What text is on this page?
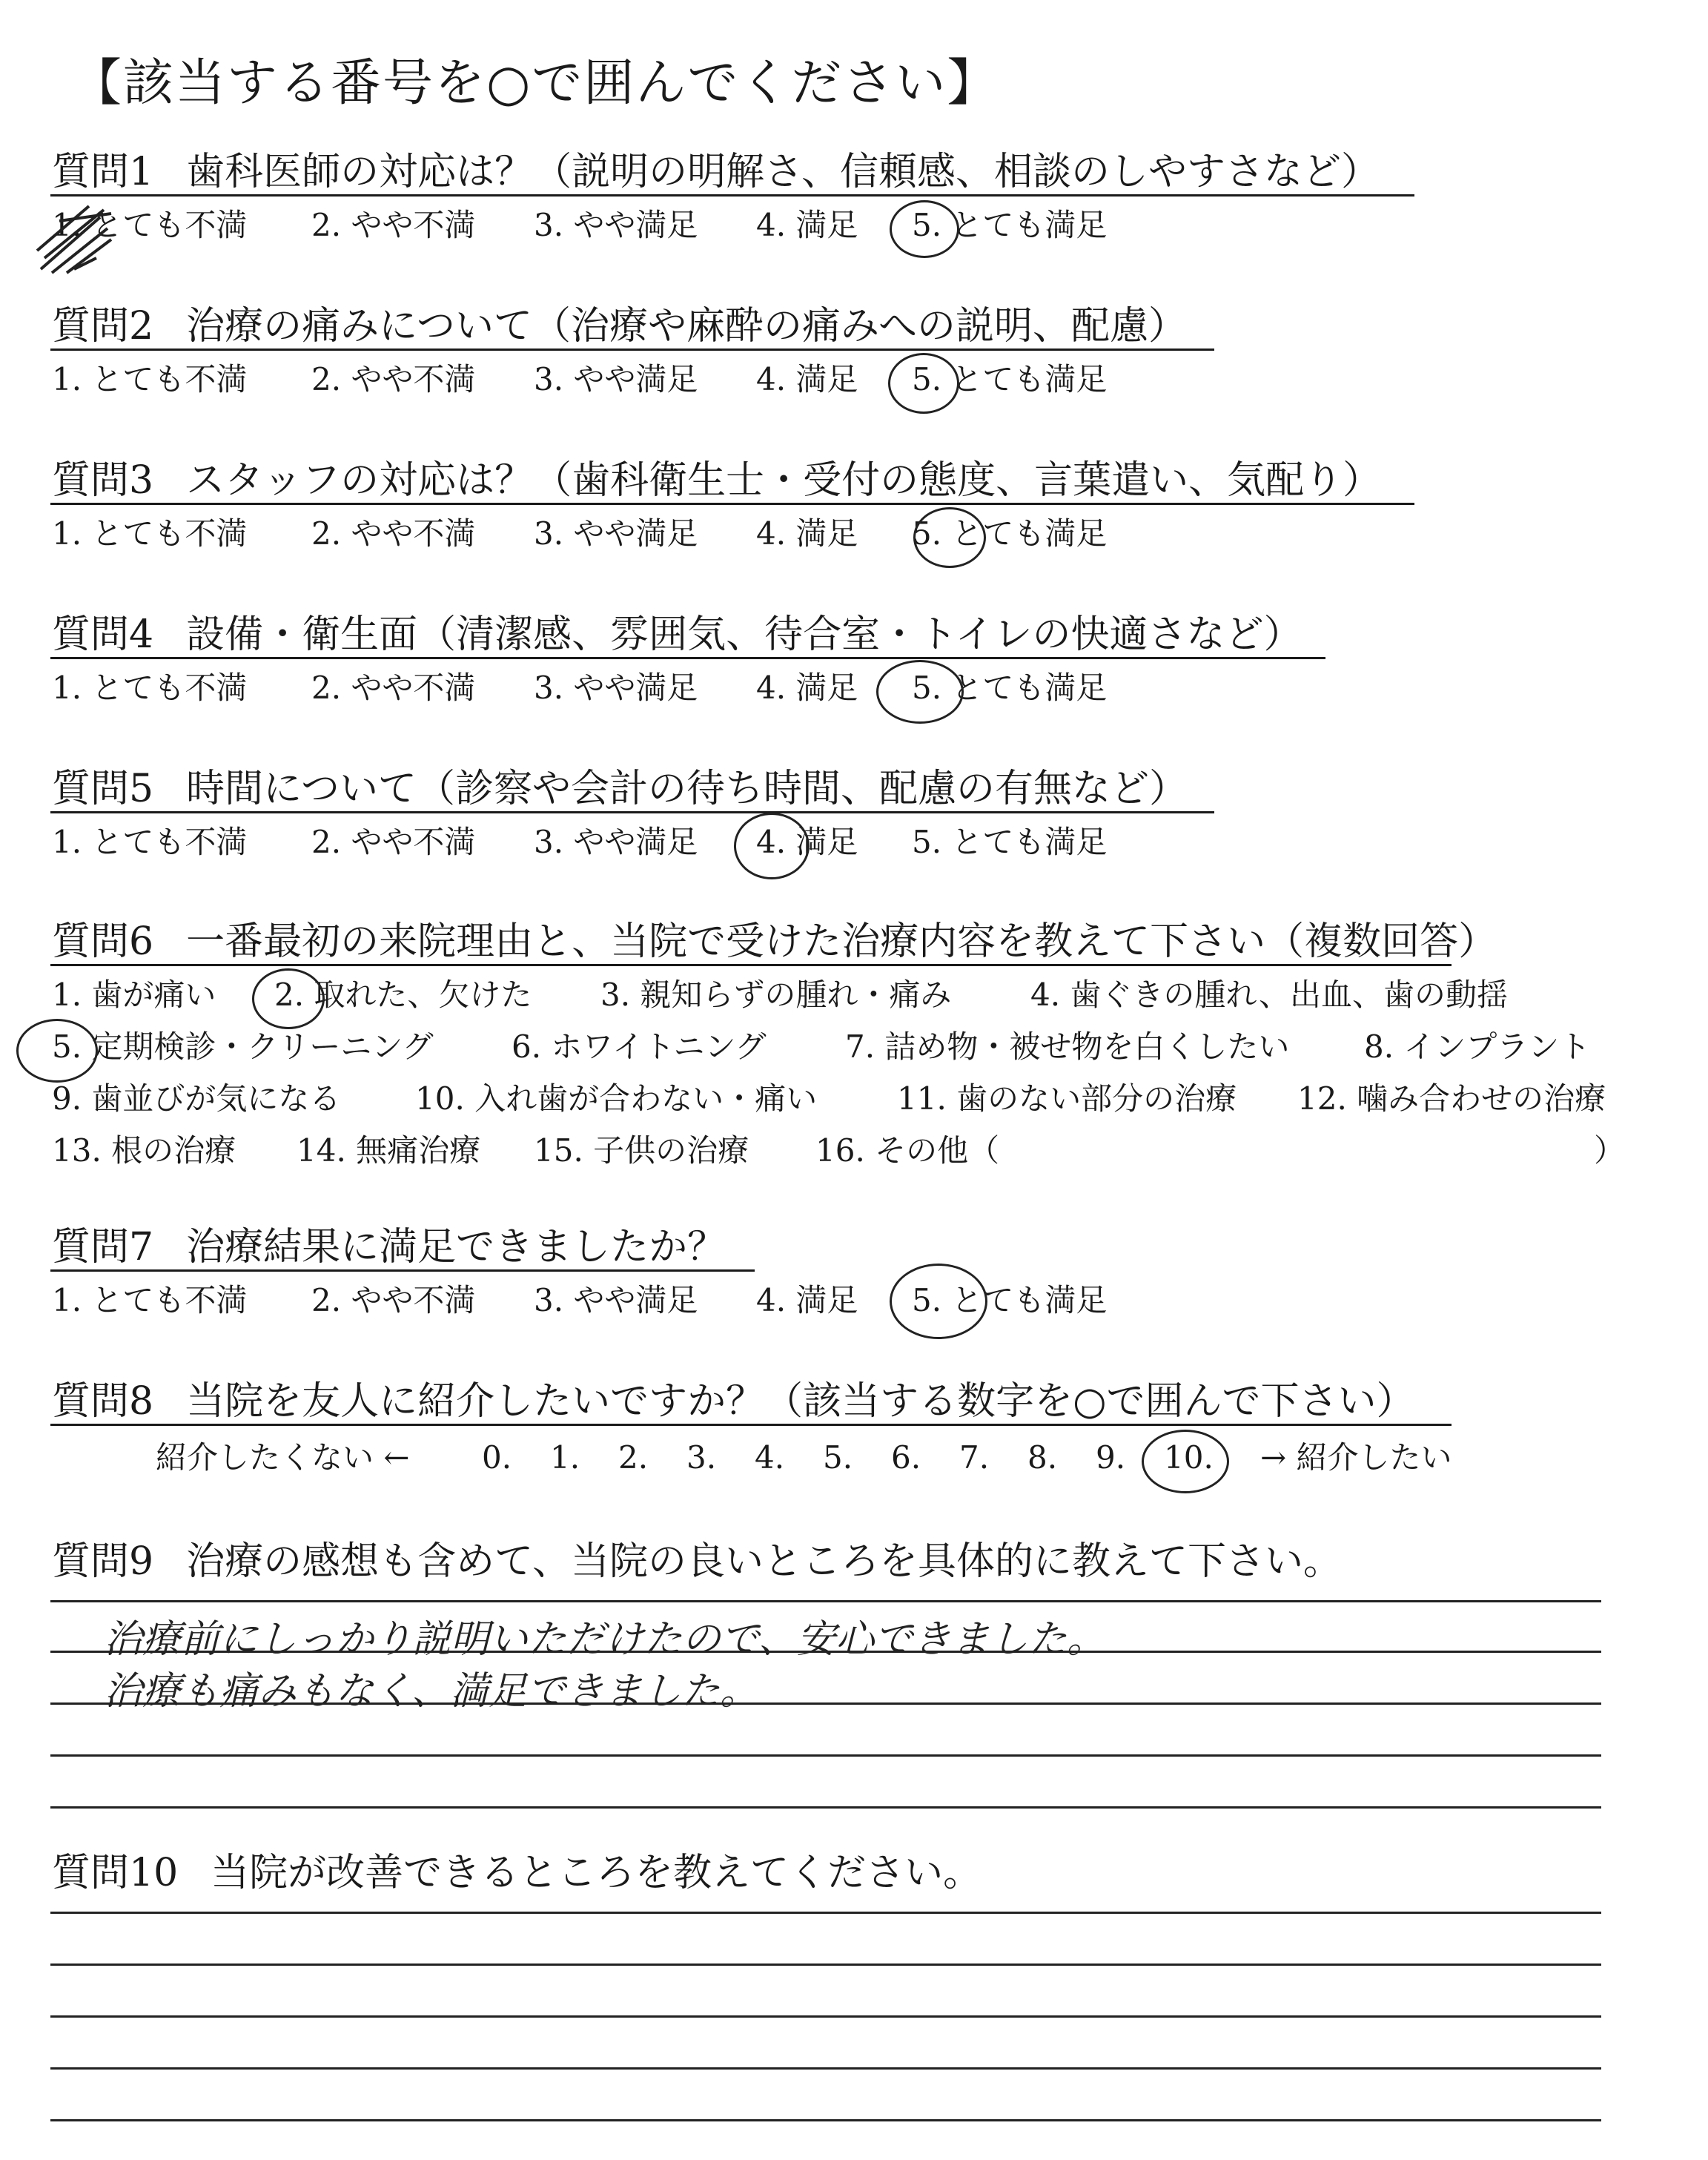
【該当する番号を○で囲んでください】
質問1 歯科医師の対応は？（説明の明解さ、信頼感、相談のしやすさなど）
1. とても不満 2. やや不満 3. やや満足 4. 満足 5. とても満足
質問2 治療の痛みについて（治療や麻酔の痛みへの説明、配慮）
1. とても不満 2. やや不満 3. やや満足 4. 満足 5. とても満足
質問3 スタッフの対応は？（歯科衛生士・受付の態度、言葉遣い、気配り）
1. とても不満 2. やや不満 3. やや満足 4. 満足 5. とても満足
質問4 設備・衛生面（清潔感、雰囲気、待合室・トイレの快適さなど）
1. とても不満 2. やや不満 3. やや満足 4. 満足 5. とても満足
質問5 時間について（診察や会計の待ち時間、配慮の有無など）
1. とても不満 2. やや不満 3. やや満足 4. 満足 5. とても満足
質問6 一番最初の来院理由と、当院で受けた治療内容を教えて下さい（複数回答）
1. 歯が痛い 2. 取れた、欠けた 3. 親知らずの腫れ・痛み	4. 歯ぐきの腫れ、出血、歯の動揺
5. 定期検診・クリーニング	6. ホワイトニング	7. 詰め物・被せ物を白くしたい 8. インプラント
9. 歯並びが気になる 10. 入れ歯が合わない・痛い	11. 歯のない部分の治療 12. 噛み合わせの治療
13. 根の治療 14. 無痛治療 15. 子供の治療 16. その他（	）
質問7 治療結果に満足できましたか？
1. とても不満 2. やや不満 3. やや満足 4. 満足 5. とても満足
質問8 当院を友人に紹介したいですか？（該当する数字を○で囲んで下さい）
紹介したくない ← 0. 1. 2. 3. 4. 5. 6. 7. 8. 9. 10. → 紹介したい
質問9 治療の感想も含めて、当院の良いところを具体的に教えて下さい。
治療前にしっかり説明いただけたので、安心できました。
治療も痛みもなく、満足できました。
質問10 当院が改善できるところを教えてください。
